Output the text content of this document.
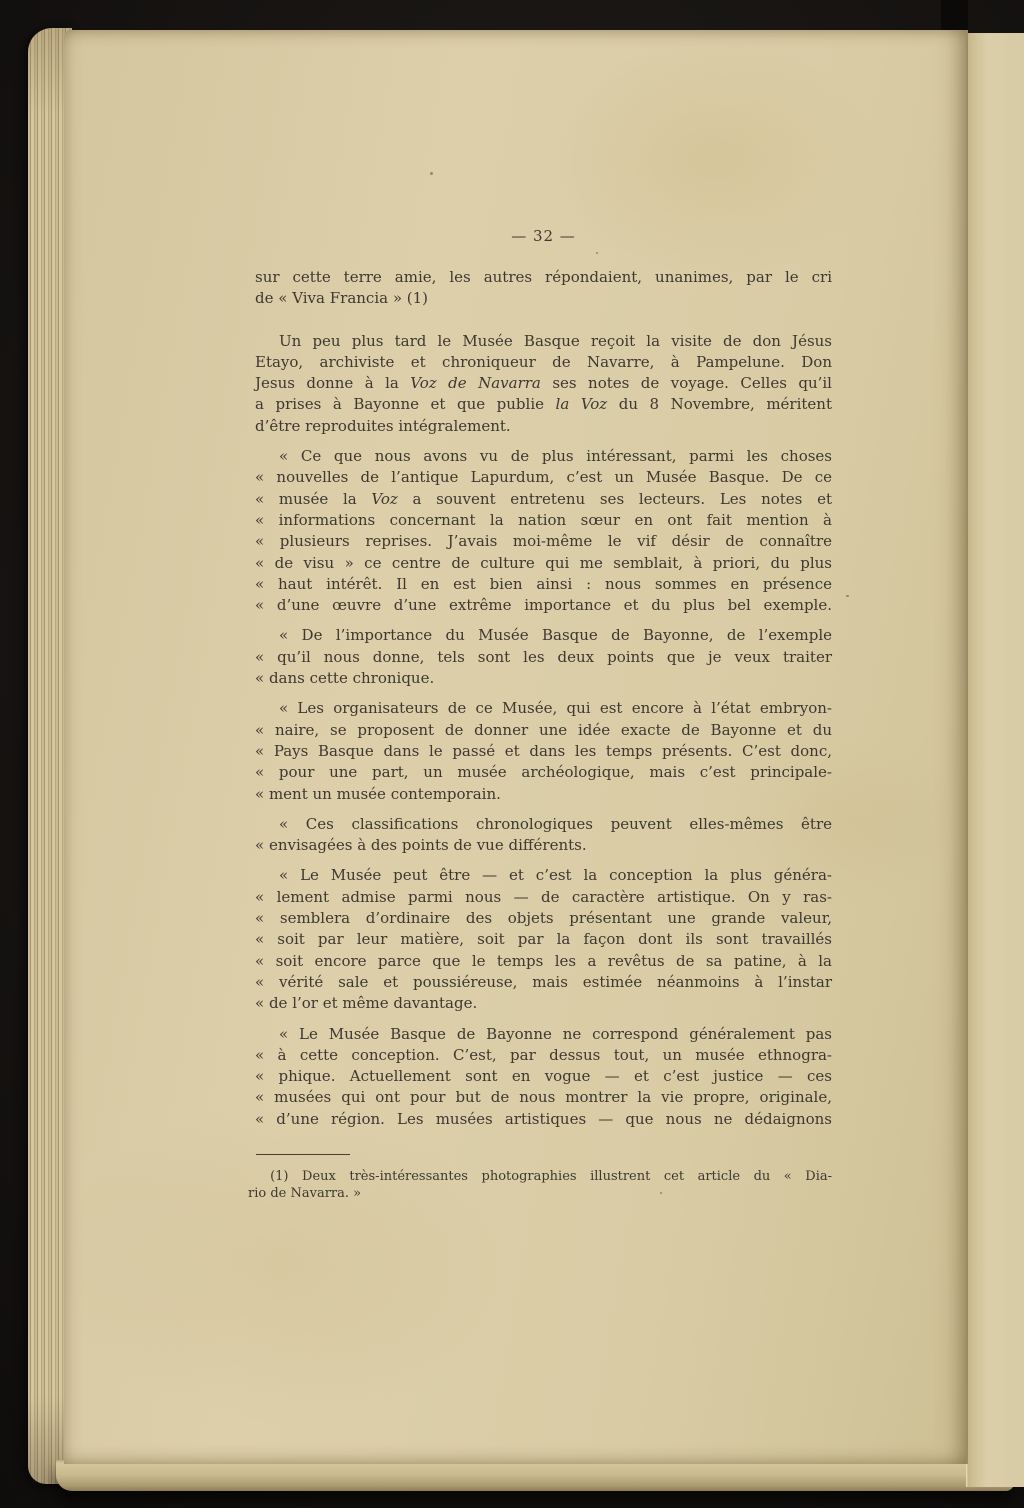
— 32 —
sur cette terre amie, les autres répondaient, unanimes, par le cri
de « Viva Francia » (1)
Un peu plus tard le Musée Basque reçoit la visite de don Jésus
Etayo, archiviste et chroniqueur de Navarre, à Pampelune. Don
Jesus donne à la Voz de Navarra ses notes de voyage. Celles qu’il
a prises à Bayonne et que publie la Voz du 8 Novembre, méritent
d’être reproduites intégralement.
« Ce que nous avons vu de plus intéressant, parmi les choses
« nouvelles de l’antique Lapurdum, c’est un Musée Basque. De ce
« musée la Voz a souvent entretenu ses lecteurs. Les notes et
« informations concernant la nation sœur en ont fait mention à
« plusieurs reprises. J’avais moi-même le vif désir de connaître
« de visu » ce centre de culture qui me semblait, à priori, du plus
« haut intérêt. Il en est bien ainsi : nous sommes en présence
« d’une œuvre d’une extrême importance et du plus bel exemple.
« De l’importance du Musée Basque de Bayonne, de l’exemple
« qu’il nous donne, tels sont les deux points que je veux traiter
« dans cette chronique.
« Les organisateurs de ce Musée, qui est encore à l’état embryon-
« naire, se proposent de donner une idée exacte de Bayonne et du
« Pays Basque dans le passé et dans les temps présents. C’est donc,
« pour une part, un musée archéologique, mais c’est principale-
« ment un musée contemporain.
« Ces classifications chronologiques peuvent elles-mêmes être
« envisagées à des points de vue différents.
« Le Musée peut être — et c’est la conception la plus généra-
« lement admise parmi nous — de caractère artistique. On y ras-
« semblera d’ordinaire des objets présentant une grande valeur,
« soit par leur matière, soit par la façon dont ils sont travaillés
« soit encore parce que le temps les a revêtus de sa patine, à la
« vérité sale et poussiéreuse, mais estimée néanmoins à l’instar
« de l’or et même davantage.
« Le Musée Basque de Bayonne ne correspond généralement pas
« à cette conception. C’est, par dessus tout, un musée ethnogra-
« phique. Actuellement sont en vogue — et c’est justice — ces
« musées qui ont pour but de nous montrer la vie propre, originale,
« d’une région. Les musées artistiques — que nous ne dédaignons
(1) Deux très-intéressantes photographies illustrent cet article du « Dia-
rio de Navarra. »
